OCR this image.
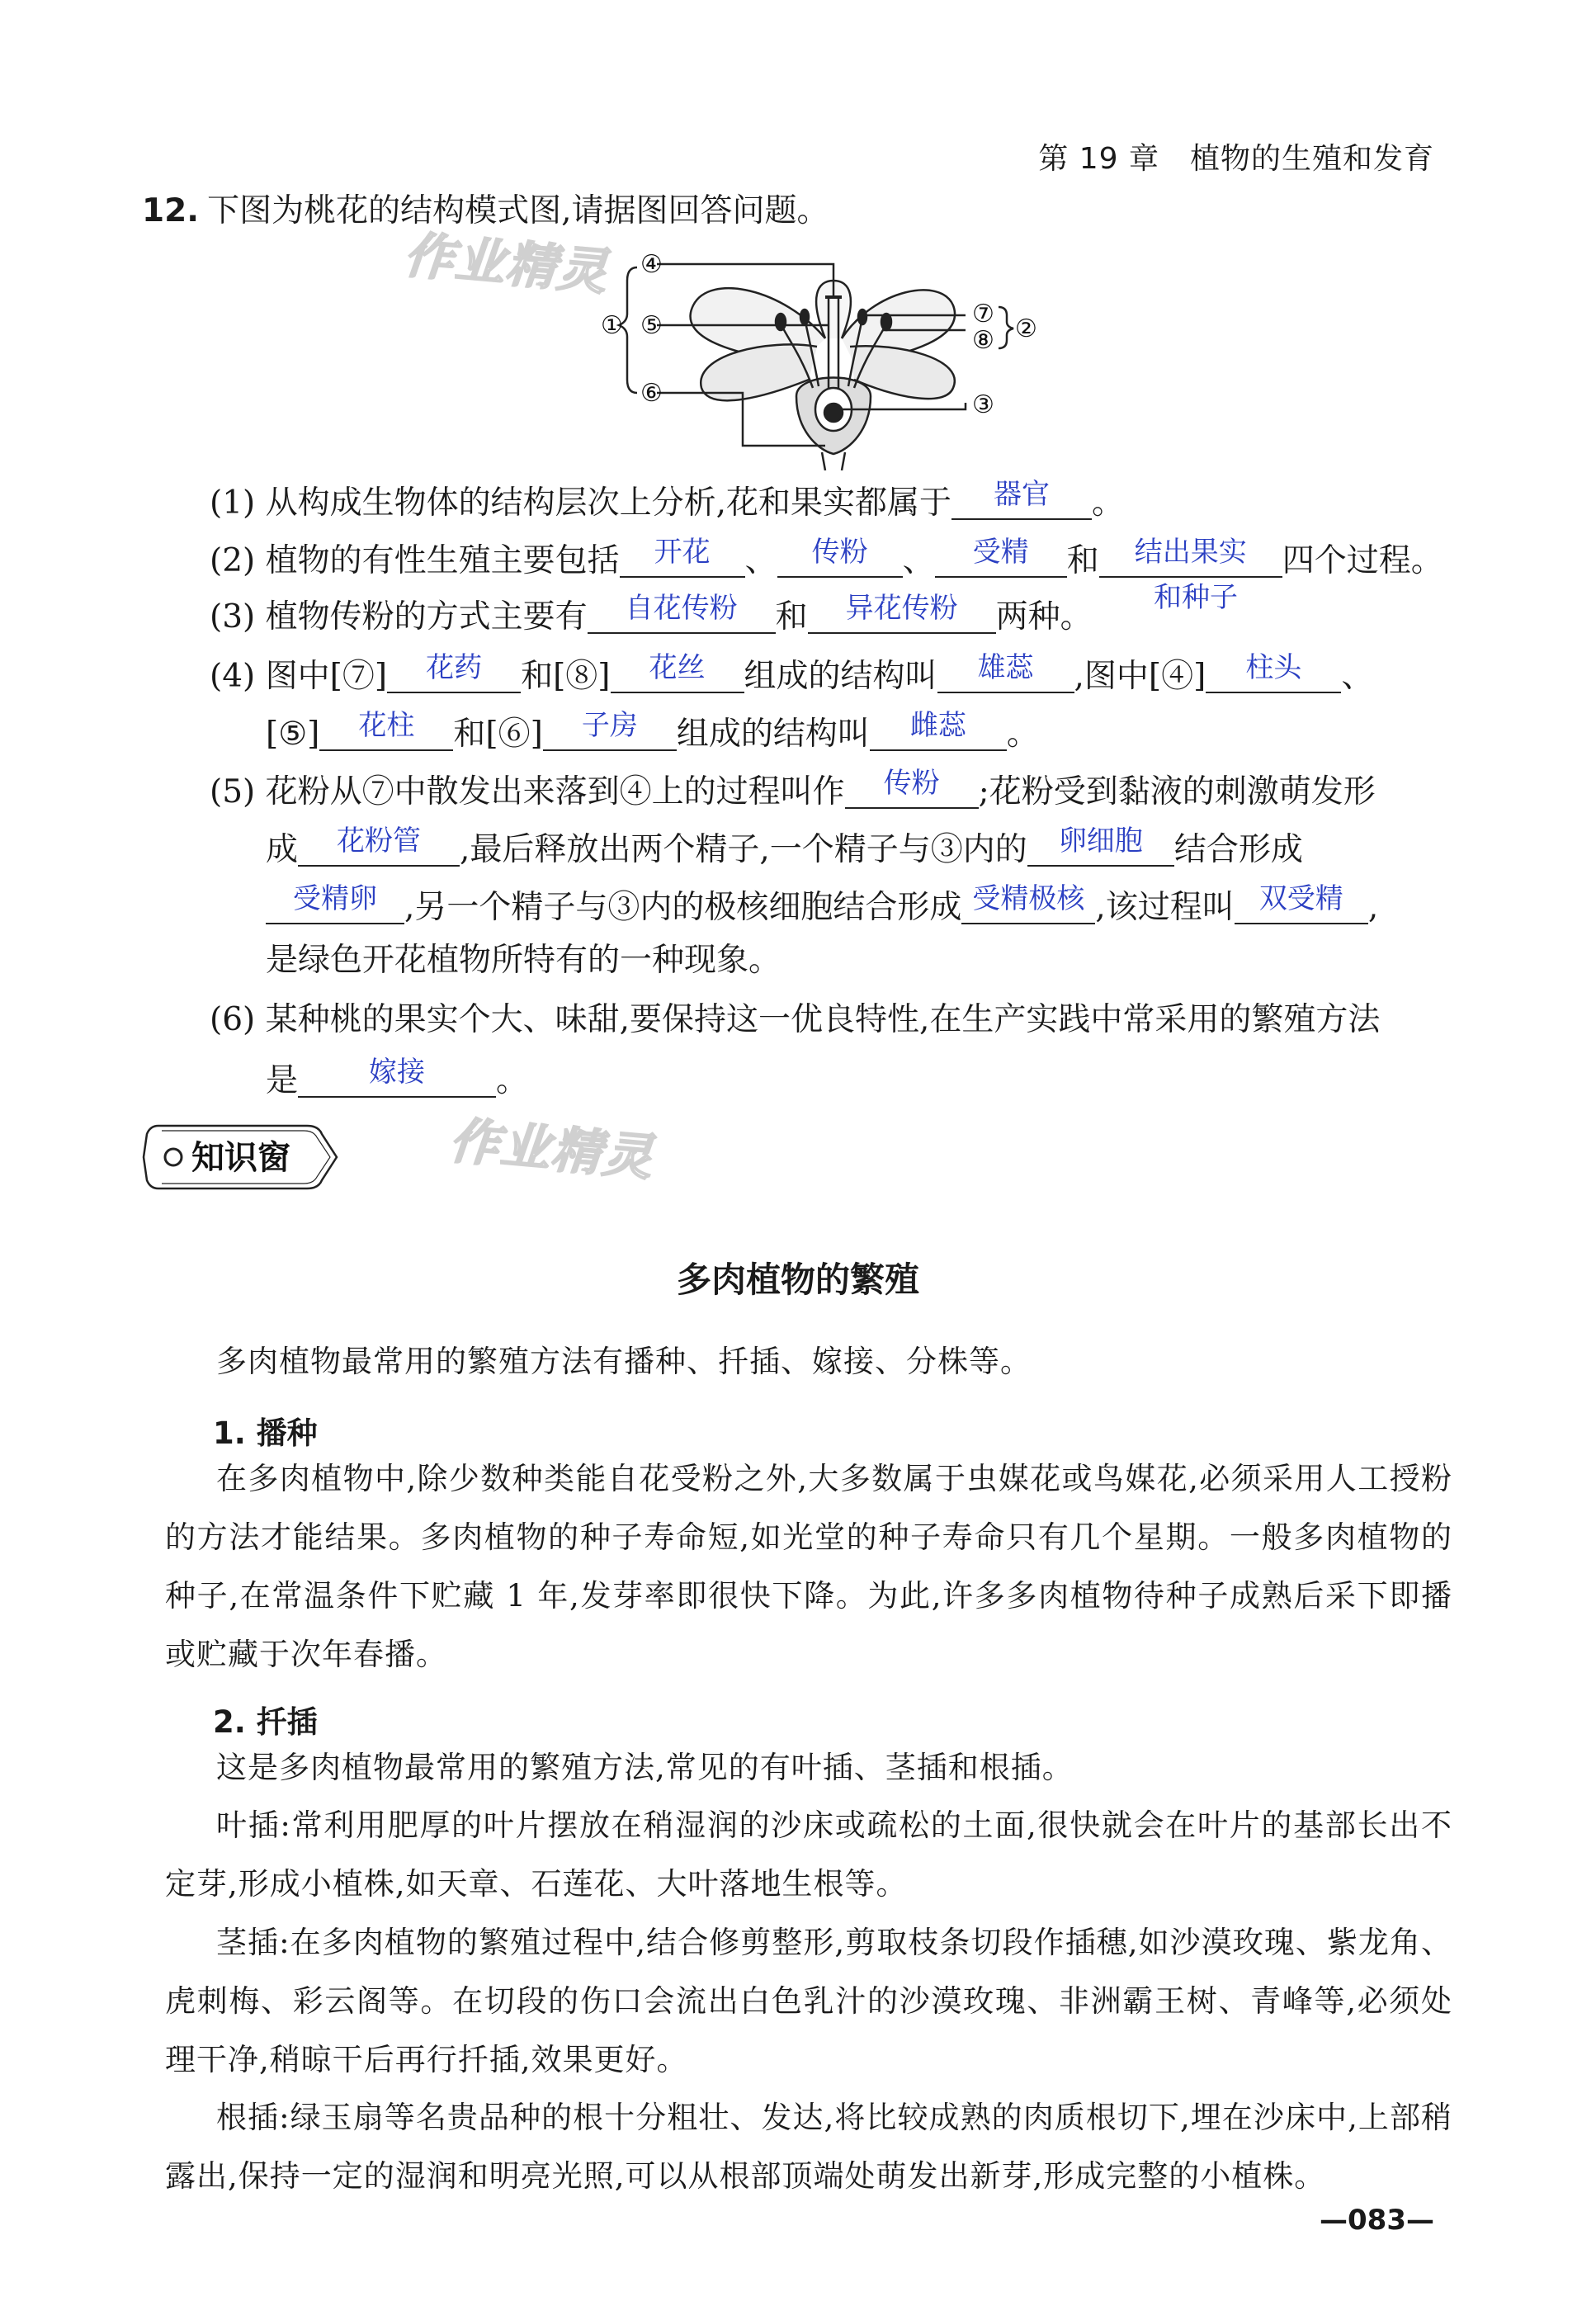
第 19 章　植物的生殖和发育
作业精灵
作业精灵
12. 下图为桃花的结构模式图,请据图回答问题。
④
① ⑤
⑥
⑦
⑧ ②
③
(1) 从构成生物体的结构层次上分析,花和果实都属于	器官	。
(2) 植物的有性生殖主要包括	开花	、	传粉	、	受精	和	结出果实	四个过程。
和种子
(3) 植物传粉的方式主要有	自花传粉	和	异花传粉	两种。
(4) 图中[⑦]	花药	和[⑧]	花丝	组成的结构叫	雄蕊	,图中[④]	柱头	、
[⑤]	花柱	和[⑥]	子房	组成的结构叫	雌蕊	。
(5) 花粉从⑦中散发出来落到④上的过程叫作	传粉	;花粉受到黏液的刺激萌发形
成	花粉管	,最后释放出两个精子,一个精子与③内的	卵细胞 结合形成
受精卵 ,另一个精子与③内的极核细胞结合形成 受精极核 ,该过程叫 双受精 ,
是绿色开花植物所特有的一种现象。
(6) 某种桃的果实个大、味甜,要保持这一优良特性,在生产实践中常采用的繁殖方法
是	嫁接	。
知识窗
多肉植物的繁殖
多肉植物最常用的繁殖方法有播种、扦插、嫁接、分株等。
1. 播种
在多肉植物中,除少数种类能自花受粉之外,大多数属于虫媒花或鸟媒花,必须采用人工授粉的方法才能结果。多肉植物的种子寿命短,如光堂的种子寿命只有几个星期。一般多肉植物的种子,在常温条件下贮藏 1 年,发芽率即很快下降。为此,许多多肉植物待种子成熟后采下即播或贮藏于次年春播。
2. 扦插
这是多肉植物最常用的繁殖方法,常见的有叶插、茎插和根插。
叶插:常利用肥厚的叶片摆放在稍湿润的沙床或疏松的土面,很快就会在叶片的基部长出不定芽,形成小植株,如天章、石莲花、大叶落地生根等。
茎插:在多肉植物的繁殖过程中,结合修剪整形,剪取枝条切段作插穗,如沙漠玫瑰、紫龙角、虎刺梅、彩云阁等。在切段的伤口会流出白色乳汁的沙漠玫瑰、非洲霸王树、青峰等,必须处理干净,稍晾干后再行扦插,效果更好。
根插:绿玉扇等名贵品种的根十分粗壮、发达,将比较成熟的肉质根切下,埋在沙床中,上部稍露出,保持一定的湿润和明亮光照,可以从根部顶端处萌发出新芽,形成完整的小植株。
—083—
